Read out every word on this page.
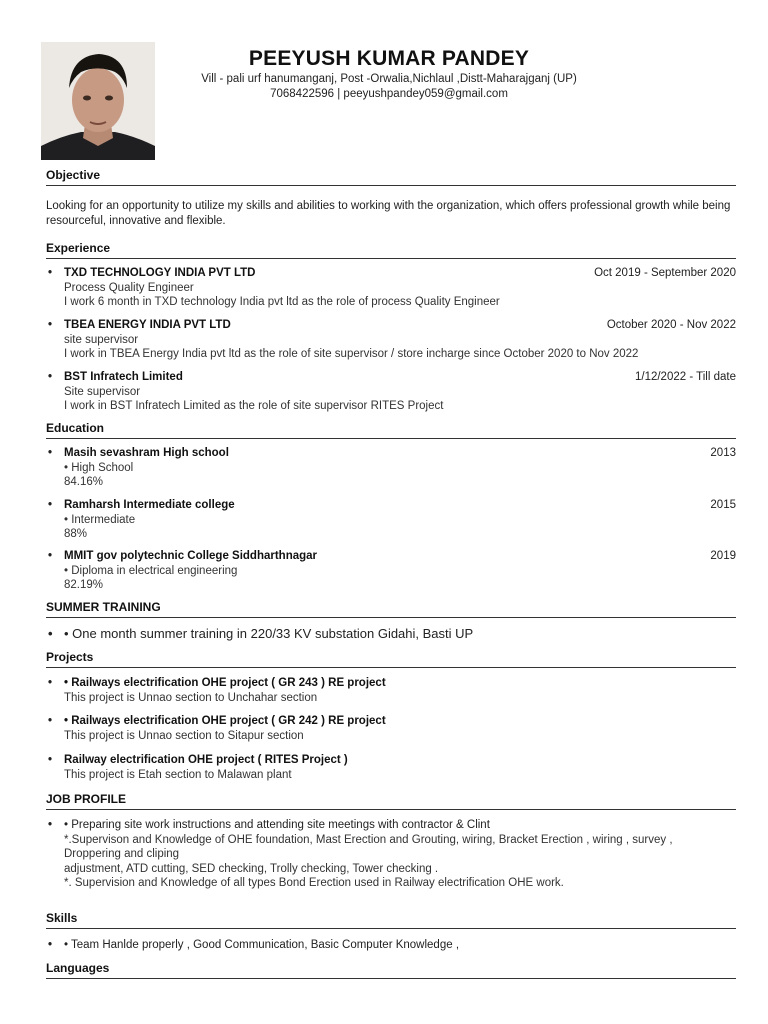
PEEYUSH KUMAR PANDEY
Vill - pali urf hanumanganj, Post -Orwalia,Nichlaul ,Distt-Maharajganj (UP)
7068422596 | peeyushpandey059@gmail.com
Objective
Looking for an opportunity to utilize my skills and abilities to working with the organization, which offers professional growth while being resourceful, innovative and flexible.
Experience
• TXD TECHNOLOGY INDIA PVT LTD	Oct 2019 - September 2020
Process Quality Engineer
I work 6 month in TXD technology India pvt ltd as the role of process Quality Engineer
• TBEA ENERGY INDIA PVT LTD	October 2020 - Nov 2022
site supervisor
I work in TBEA Energy India pvt ltd as the role of site supervisor / store incharge since October 2020 to Nov 2022
• BST Infratech Limited	1/12/2022 - Till date
Site supervisor
I work in BST Infratech Limited as the role of site supervisor RITES Project
Education
• Masih sevashram High school	2013
• High School
84.16%
• Ramharsh Intermediate college	2015
• Intermediate
88%
• MMIT gov polytechnic College Siddharthnagar	2019
• Diploma in electrical engineering
82.19%
SUMMER TRAINING
• • One month summer training in 220/33 KV substation Gidahi, Basti UP
Projects
• • Railways electrification OHE project ( GR 243 ) RE project
This project is Unnao section to Unchahar section
• • Railways electrification OHE project ( GR 242 ) RE project
This project is Unnao section to Sitapur section
• Railway electrification OHE project ( RITES Project )
This project is Etah section to Malawan plant
JOB PROFILE
• • Preparing site work instructions and attending site meetings with contractor & Clint
*.Supervison and Knowledge of OHE foundation, Mast Erection and Grouting, wiring, Bracket Erection , wiring , survey ,
Droppering and cliping
adjustment, ATD cutting, SED checking, Trolly checking, Tower checking .
*. Supervision and Knowledge of all types Bond Erection used in Railway electrification OHE work.
Skills
• • Team Hanlde properly , Good Communication, Basic Computer Knowledge ,
Languages
